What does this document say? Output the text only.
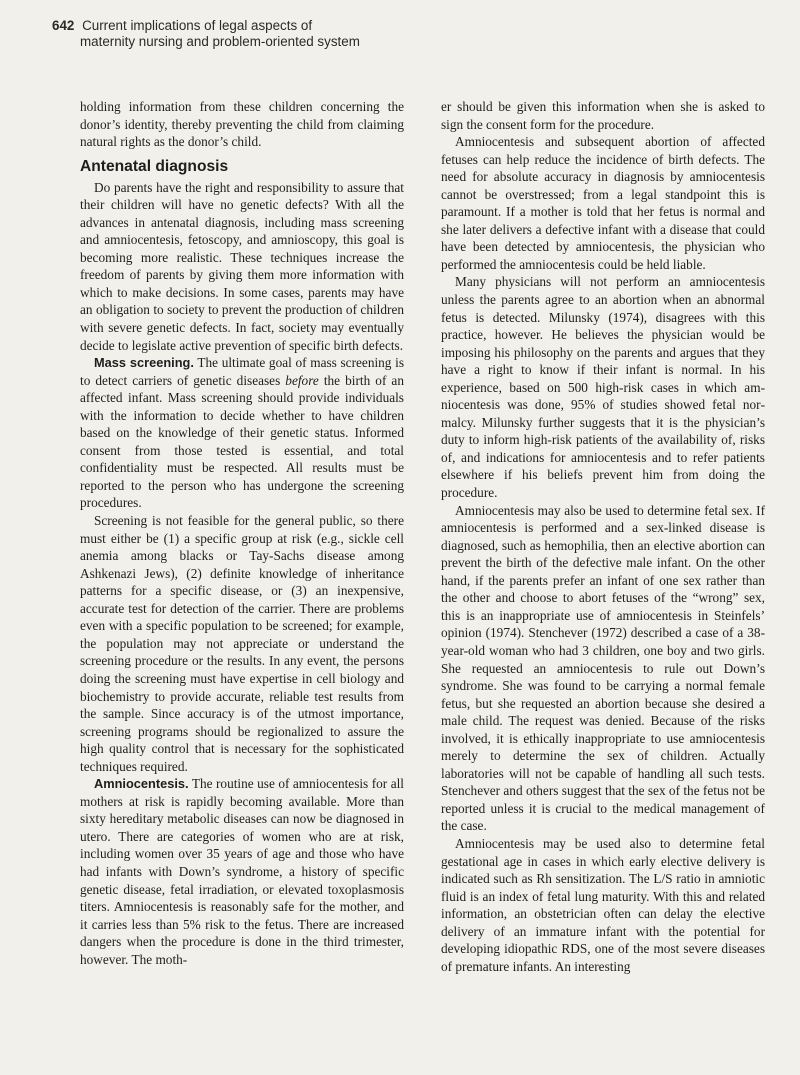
642 Current implications of legal aspects of
maternity nursing and problem-oriented system

holding information from these children concerning the donor’s identity, thereby preventing the child from claiming natural rights as the donor’s child.

Antenatal diagnosis

Do parents have the right and responsibility to assure that their children will have no genetic defects? With all the advances in antenatal diagnosis, including mass screening and amniocentesis, fetoscopy, and amnioscopy, this goal is becoming more realistic. These techniques increase the freedom of parents by giving them more information with which to make decisions. In some cases, parents may have an obligation to society to prevent the production of children with severe genetic defects. In fact, society may eventually decide to legislate active prevention of specific birth defects.

Mass screening. The ultimate goal of mass screening is to detect carriers of genetic diseases before the birth of an affected infant. Mass screening should provide individuals with the information to decide whether to have children based on the knowledge of their genetic status. Informed consent from those tested is essential, and total confidentiality must be respected. All results must be reported to the person who has undergone the screening procedures.

Screening is not feasible for the general public, so there must either be (1) a specific group at risk (e.g., sickle cell anemia among blacks or Tay-Sachs disease among Ashkenazi Jews), (2) definite knowledge of inheritance patterns for a specific disease, or (3) an inexpensive, accurate test for detection of the carrier. There are problems even with a specific population to be screened; for example, the population may not appreciate or understand the screening procedure or the results. In any event, the persons doing the screening must have expertise in cell biology and biochemistry to provide accurate, reliable test results from the sample. Since accuracy is of the utmost importance, screening programs should be regionalized to assure the high quality control that is necessary for the sophisticated techniques required.

Amniocentesis. The routine use of amniocentesis for all mothers at risk is rapidly becoming available. More than sixty hereditary metabolic diseases can now be diagnosed in utero. There are categories of women who are at risk, including women over 35 years of age and those who have had infants with Down’s syndrome, a history of specific genetic disease, fetal irradiation, or elevated toxoplasmosis titers. Amniocentesis is reasonably safe for the mother, and it carries less than 5% risk to the fetus. There are increased dangers when the procedure is done in the third trimester, however. The moth-

er should be given this information when she is asked to sign the consent form for the procedure.

Amniocentesis and subsequent abortion of affected fetuses can help reduce the incidence of birth defects. The need for absolute accuracy in diagnosis by amniocentesis cannot be overstressed; from a legal standpoint this is paramount. If a mother is told that her fetus is normal and she later delivers a defective infant with a disease that could have been detected by amniocentesis, the physician who performed the amniocentesis could be held liable.

Many physicians will not perform an amniocentesis unless the parents agree to an abortion when an abnormal fetus is detected. Milunsky (1974), disagrees with this practice, however. He believes the physician would be imposing his philosophy on the parents and argues that they have a right to know if their infant is normal. In his experience, based on 500 high-risk cases in which amniocentesis was done, 95% of studies showed fetal normalcy. Milunsky further suggests that it is the physician’s duty to inform high-risk patients of the availability of, risks of, and indications for amniocentesis and to refer patients elsewhere if his beliefs prevent him from doing the procedure.

Amniocentesis may also be used to determine fetal sex. If amniocentesis is performed and a sex-linked disease is diagnosed, such as hemophilia, then an elective abortion can prevent the birth of the defective male infant. On the other hand, if the parents prefer an infant of one sex rather than the other and choose to abort fetuses of the “wrong” sex, this is an inappropriate use of amniocentesis in Steinfels’ opinion (1974). Stenchever (1972) described a case of a 38-year-old woman who had 3 children, one boy and two girls. She requested an amniocentesis to rule out Down’s syndrome. She was found to be carrying a normal female fetus, but she requested an abortion because she desired a male child. The request was denied. Because of the risks involved, it is ethically inappropriate to use amniocentesis merely to determine the sex of children. Actually laboratories will not be capable of handling all such tests. Stenchever and others suggest that the sex of the fetus not be reported unless it is crucial to the medical management of the case.

Amniocentesis may be used also to determine fetal gestational age in cases in which early elective delivery is indicated such as Rh sensitization. The L/S ratio in amniotic fluid is an index of fetal lung maturity. With this and related information, an obstetrician often can delay the elective delivery of an immature infant with the potential for developing idiopathic RDS, one of the most severe diseases of premature infants. An interesting
